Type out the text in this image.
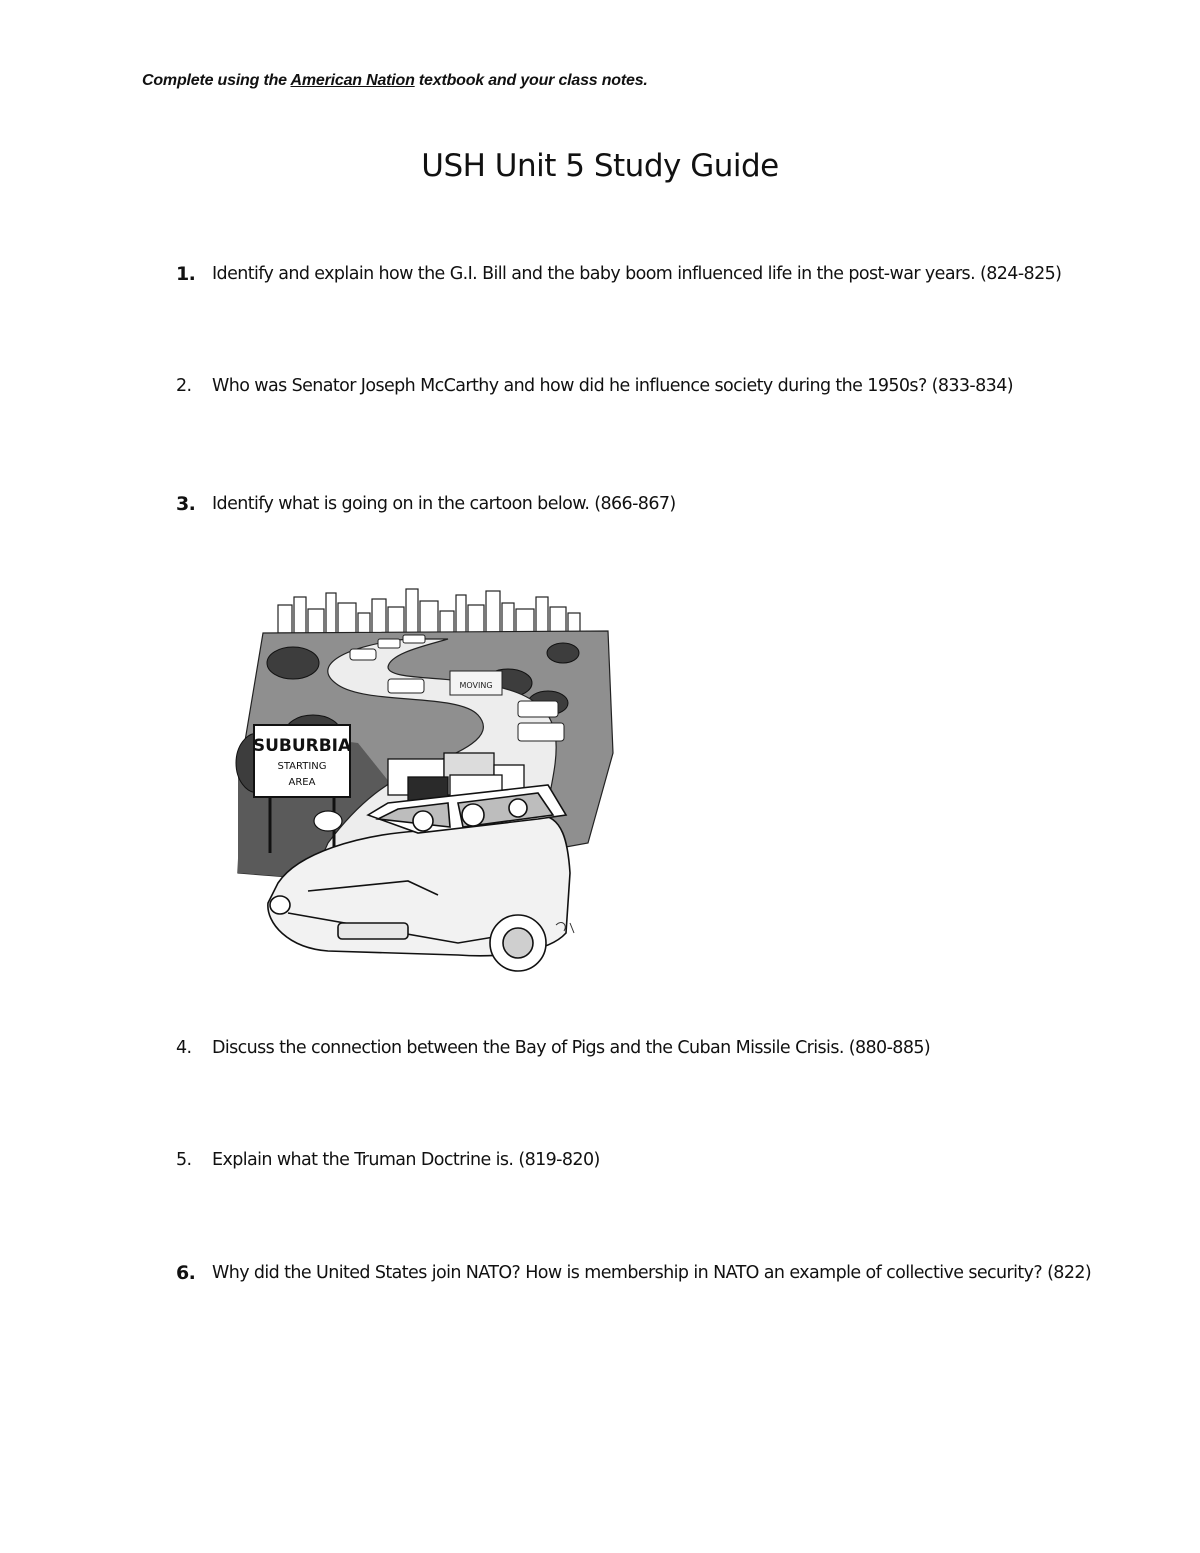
Complete using the American Nation textbook and your class notes.
USH Unit 5 Study Guide
1. Identify and explain how the G.I. Bill and the baby boom influenced life in the post-war years. (824-825)
2. Who was Senator Joseph McCarthy and how did he influence society during the 1950s? (833-834)
3. Identify what is going on in the cartoon below. (866-867)
MOVING
SUBURBIA
STARTING
AREA
4. Discuss the connection between the Bay of Pigs and the Cuban Missile Crisis. (880-885)
5. Explain what the Truman Doctrine is. (819-820)
6. Why did the United States join NATO? How is membership in NATO an example of collective security? (822)
